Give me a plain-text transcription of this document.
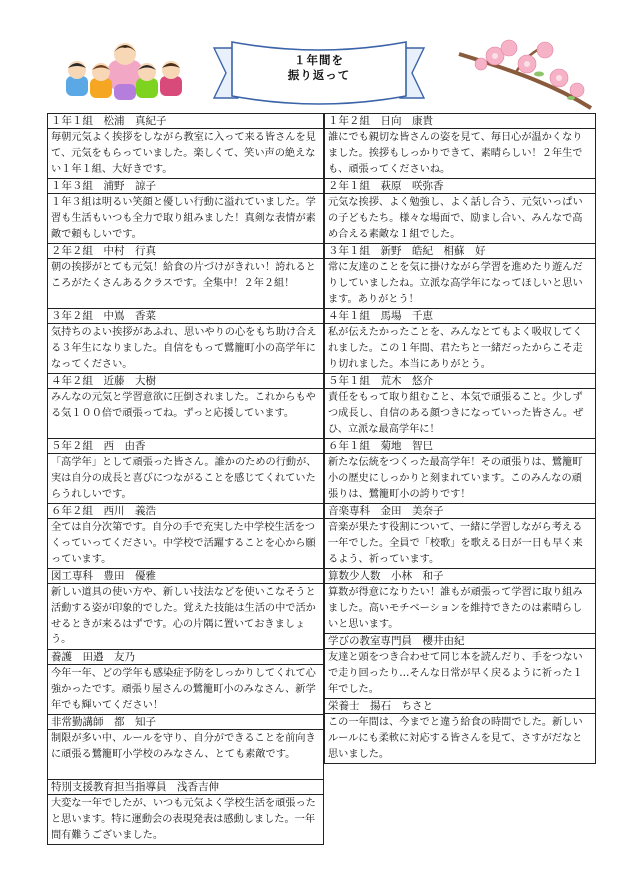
１年間を
振り返って
１年１組　松浦　真紀子
毎朝元気よく挨拶をしながら教室に入って来る皆さんを見て、元気をもらっていました。楽しくて、笑い声の絶えない１年１組、大好きです。
１年３組　浦野　諒子
１年３組は明るい笑顔と優しい行動に溢れていました。学習も生活もいつも全力で取り組みました！真剣な表情が素敵で頼もしいです。
２年２組　中村　行真
朝の挨拶がとても元気！給食の片づけがきれい！誇れるところがたくさんあるクラスです。全集中！２年２組！
３年２組　中嶌　香菜
気持ちのよい挨拶があふれ、思いやりの心をもち助け合える３年生になりました。自信をもって鷺籠町小の高学年になってください。
４年２組　近藤　大樹
みんなの元気と学習意欲に圧倒されました。これからもやる気１００倍で頑張ってね。ずっと応援しています。
５年２組　西　由香
「高学年」として頑張った皆さん。誰かのための行動が、実は自分の成長と喜びにつながることを感じてくれていたらうれしいです。
６年２組　西川　義浩
全ては自分次第です。自分の手で充実した中学校生活をつくっていってください。中学校で活躍することを心から願っています。
図工専科　豊田　優雅
新しい道具の使い方や、新しい技法などを使いこなそうと活動する姿が印象的でした。覚えた技能は生活の中で活かせるときが来るはずです。心の片隅に置いておきましょう。
養護　田邉　友乃
今年一年、どの学年も感染症予防をしっかりしてくれて心強かったです。頑張り屋さんの鷺籠町小のみなさん、新学年でも輝いてください！
非常勤講師　都　知子
制限が多い中、ルールを守り、自分ができることを前向きに頑張る鷺籠町小学校のみなさん、とても素敵です。
特別支援教育担当指導員　浅香吉伸
大変な一年でしたが、いつも元気よく学校生活を頑張ったと思います。特に運動会の表現発表は感動しました。一年間有難うございました。
１年２組　日向　康貴
誰にでも親切な皆さんの姿を見て、毎日心が温かくなりました。挨拶もしっかりできて、素晴らしい！２年生でも、頑張ってくださいね。
２年１組　萩原　咲弥香
元気な挨拶、よく勉強し、よく話し合う、元気いっぱいの子どもたち。様々な場面で、励まし合い、みんなで高め合える素敵な１組でした。
３年１組　新野　皓紀　相蘇　好
常に友達のことを気に掛けながら学習を進めたり遊んだりしていましたね。立派な高学年になってほしいと思います。ありがとう！
４年１組　馬場　千恵
私が伝えたかったことを、みんなとてもよく吸収してくれました。この１年間、君たちと一緒だったからこそ走り切れました。本当にありがとう。
５年１組　荒木　悠介
責任をもって取り組むこと、本気で頑張ること。少しずつ成長し、自信のある顔つきになっていった皆さん。ぜひ、立派な最高学年に！
６年１組　菊地　智巳
新たな伝統をつくった最高学年！その頑張りは、鷺籠町小の歴史にしっかりと刻まれています。このみんなの頑張りは、鷺籠町小の誇りです！
音楽専科　金田　美奈子
音楽が果たす役割について、一緒に学習しながら考える一年でした。全員で「校歌」を歌える日が一日も早く来るよう、祈っています。
算数少人数　小林　和子
算数が得意になりたい！誰もが頑張って学習に取り組みました。高いモチベーションを維持できたのは素晴らしいと思います。
学びの教室専門員　櫻井由紀
友達と頭をつき合わせて同じ本を読んだり、手をつないで走り回ったり…そんな日常が早く戻るように祈った１年でした。
栄養士　揚石　ちさと
この一年間は、今までと違う給食の時間でした。新しいルールにも柔軟に対応する皆さんを見て、さすがだなと思いました。
